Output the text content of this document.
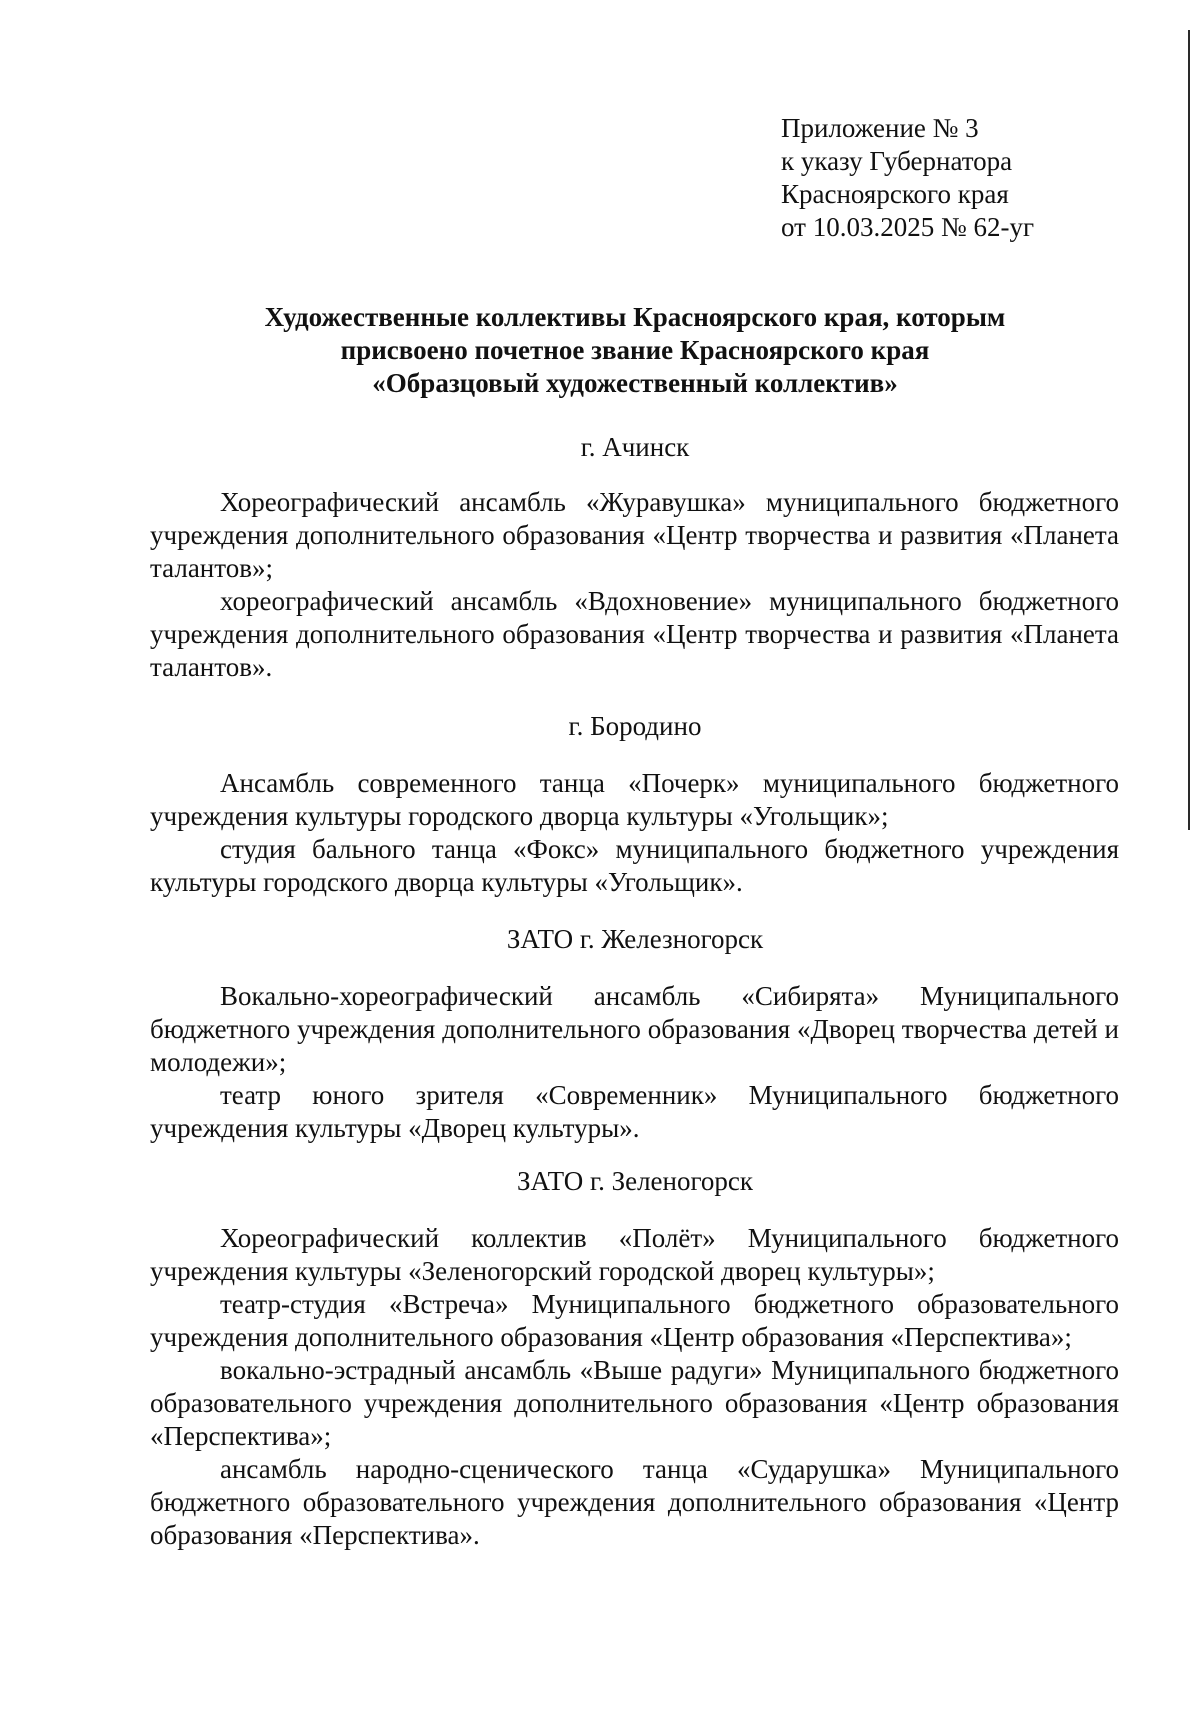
Приложение № 3
к указу Губернатора
Красноярского края
от 10.03.2025 № 62-уг
Художественные коллективы Красноярского края, которым
присвоено почетное звание Красноярского края
«Образцовый художественный коллектив»
г. Ачинск

Хореографический ансамбль «Журавушка» муниципального бюджетного учреждения дополнительного образования «Центр творчества и развития «Планета талантов»;

хореографический ансамбль «Вдохновение» муниципального бюджетного учреждения дополнительного образования «Центр творчества и развития «Планета талантов».

г. Бородино

Ансамбль современного танца «Почерк» муниципального бюджетного учреждения культуры городского дворца культуры «Угольщик»;

студия бального танца «Фокс» муниципального бюджетного учреждения культуры городского дворца культуры «Угольщик».

ЗАТО г. Железногорск

Вокально-хореографический ансамбль «Сибирята» Муниципального бюджетного учреждения дополнительного образования «Дворец творчества детей и молодежи»;

театр юного зрителя «Современник» Муниципального бюджетного учреждения культуры «Дворец культуры».

ЗАТО г. Зеленогорск

Хореографический коллектив «Полёт» Муниципального бюджетного учреждения культуры «Зеленогорский городской дворец культуры»;

театр-студия «Встреча» Муниципального бюджетного образовательного учреждения дополнительного образования «Центр образования «Перспектива»;

вокально-эстрадный ансамбль «Выше радуги» Муниципального бюджетного образовательного учреждения дополнительного образования «Центр образования «Перспектива»;

ансамбль народно-сценического танца «Сударушка» Муниципального бюджетного образовательного учреждения дополнительного образования «Центр образования «Перспектива».
